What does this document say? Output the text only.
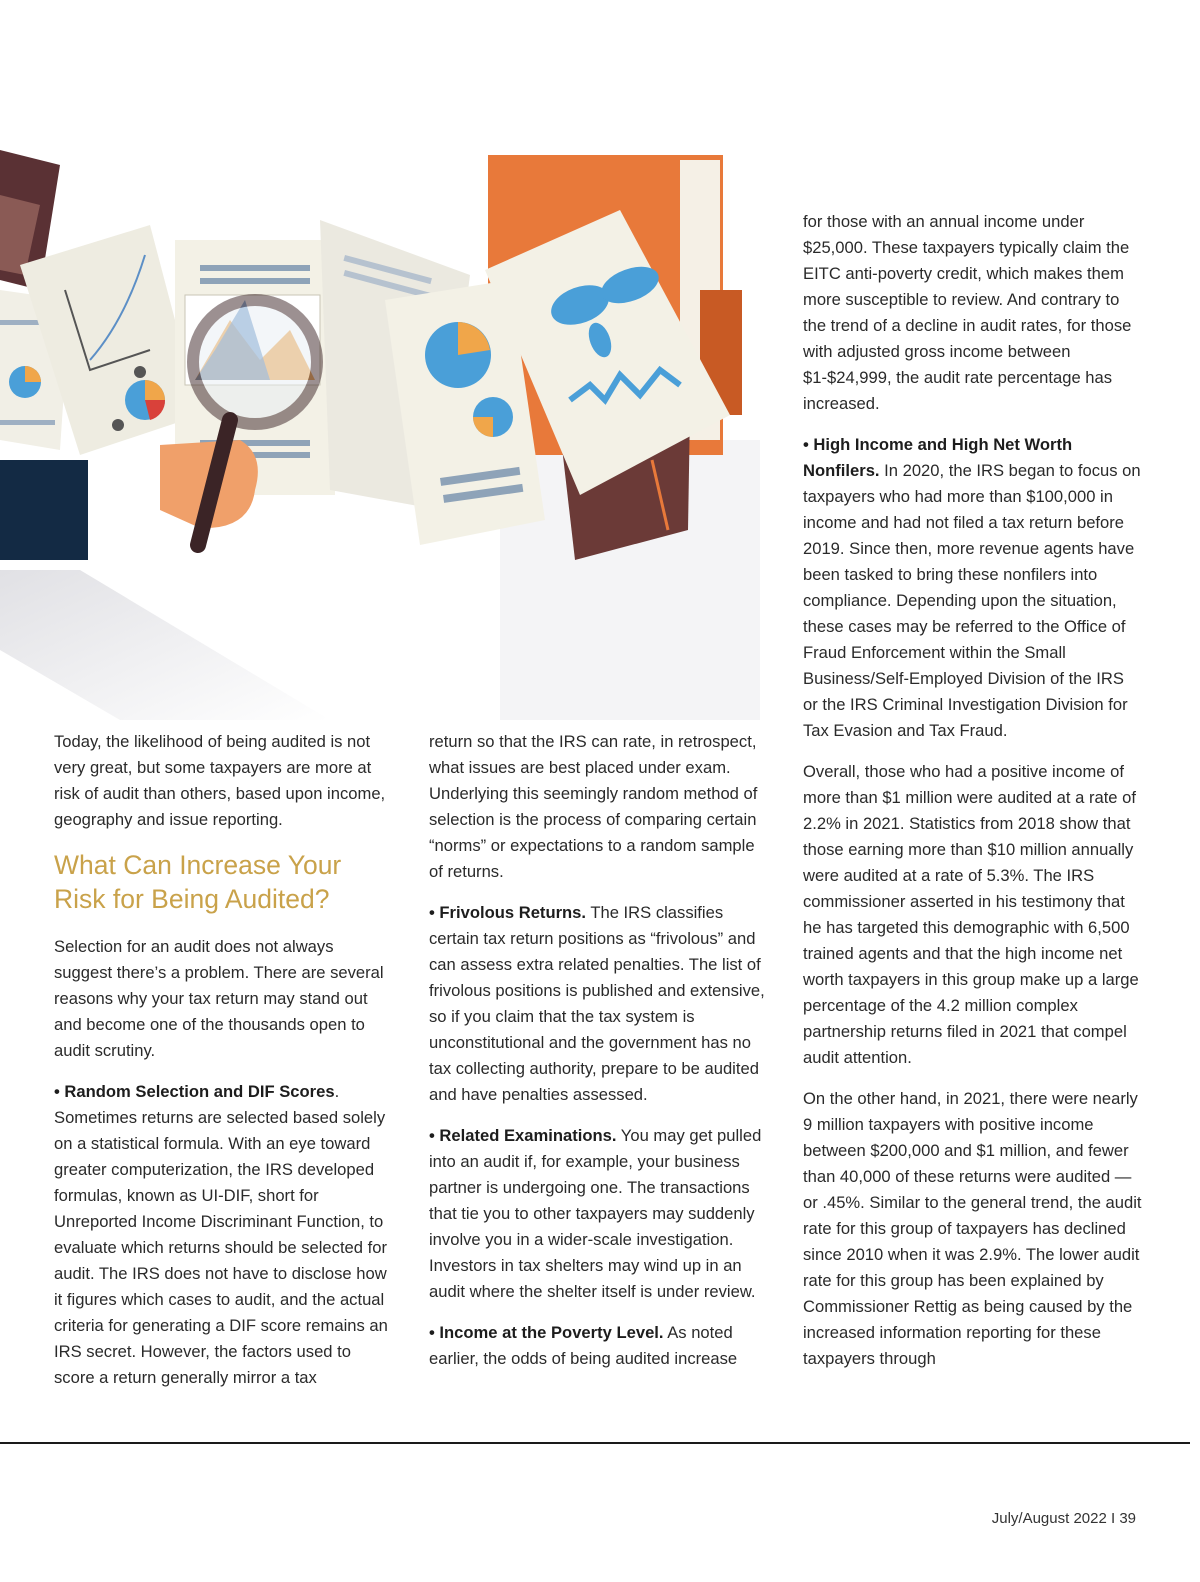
Today, the likelihood of being audited is not very great, but some taxpayers are more at risk of audit than others, based upon income, geography and issue reporting.

What Can Increase Your Risk for Being Audited?

Selection for an audit does not always suggest there’s a problem. There are several reasons why your tax return may stand out and become one of the thousands open to audit scrutiny.

• Random Selection and DIF Scores. Sometimes returns are selected based solely on a statistical formula. With an eye toward greater computerization, the IRS developed formulas, known as UI-DIF, short for Unreported Income Discriminant Function, to evaluate which returns should be selected for audit. The IRS does not have to disclose how it figures which cases to audit, and the actual criteria for generating a DIF score remains an IRS secret. However, the factors used to score a return generally mirror a tax

return so that the IRS can rate, in retrospect, what issues are best placed under exam. Underlying this seemingly random method of selection is the process of comparing certain “norms” or expectations to a random sample of returns.

• Frivolous Returns. The IRS classifies certain tax return positions as “frivolous” and can assess extra related penalties. The list of frivolous positions is published and extensive, so if you claim that the tax system is unconstitutional and the government has no tax collecting authority, prepare to be audited and have penalties assessed.

• Related Examinations. You may get pulled into an audit if, for example, your business partner is undergoing one. The transactions that tie you to other taxpayers may suddenly involve you in a wider-scale investigation. Investors in tax shelters may wind up in an audit where the shelter itself is under review.

• Income at the Poverty Level. As noted earlier, the odds of being audited increase

for those with an annual income under $25,000. These taxpayers typically claim the EITC anti-poverty credit, which makes them more susceptible to review. And contrary to the trend of a decline in audit rates, for those with adjusted gross income between $1-$24,999, the audit rate percentage has increased.

• High Income and High Net Worth Nonfilers. In 2020, the IRS began to focus on taxpayers who had more than $100,000 in income and had not filed a tax return before 2019. Since then, more revenue agents have been tasked to bring these nonfilers into compliance. Depending upon the situation, these cases may be referred to the Office of Fraud Enforcement within the Small Business/Self-Employed Division of the IRS or the IRS Criminal Investigation Division for Tax Evasion and Tax Fraud.

Overall, those who had a positive income of more than $1 million were audited at a rate of 2.2% in 2021. Statistics from 2018 show that those earning more than $10 million annually were audited at a rate of 5.3%. The IRS commissioner asserted in his testimony that he has targeted this demographic with 6,500 trained agents and that the high income net worth taxpayers in this group make up a large percentage of the 4.2 million complex partnership returns filed in 2021 that compel audit attention.

On the other hand, in 2021, there were nearly 9 million taxpayers with positive income between $200,000 and $1 million, and fewer than 40,000 of these returns were audited — or .45%. Similar to the general trend, the audit rate for this group of taxpayers has declined since 2010 when it was 2.9%. The lower audit rate for this group has been explained by Commissioner Rettig as being caused by the increased information reporting for these taxpayers through

July/August 2022 I 39
